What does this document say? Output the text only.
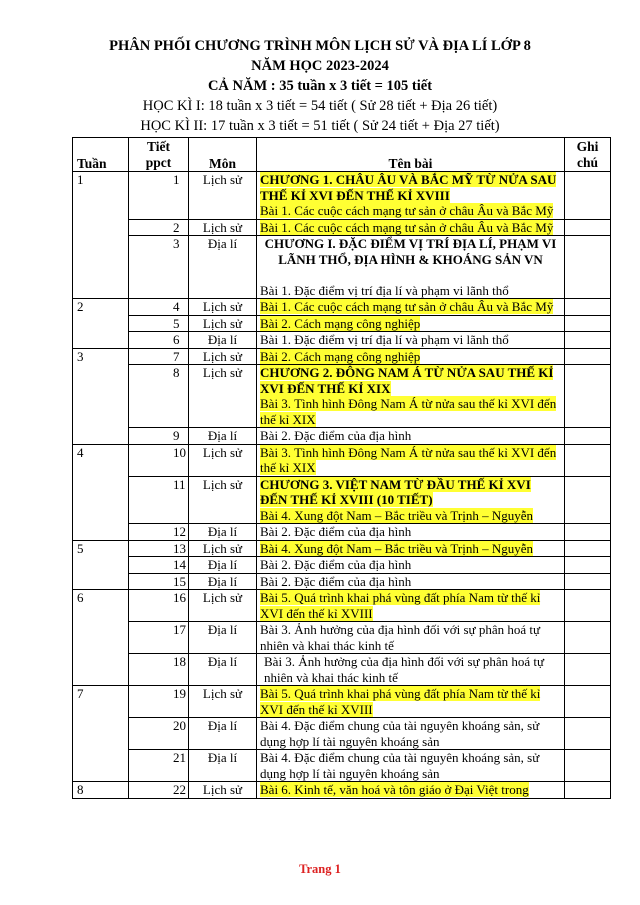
PHÂN PHỐI CHƯƠNG TRÌNH MÔN LỊCH SỬ VÀ ĐỊA LÍ LỚP 8
NĂM HỌC 2023-2024
CẢ NĂM : 35 tuần x 3 tiết = 105 tiết
HỌC KÌ I: 18 tuần x 3 tiết = 54 tiết ( Sử 28 tiết + Địa 26 tiết)
HỌC KÌ II: 17 tuần x 3 tiết = 51 tiết ( Sử 24 tiết + Địa 27 tiết)
Tuần	Tiết ppct	Môn	Tên bài	Ghi chú
1	1	Lịch sử	CHƯƠNG 1. CHÂU ÂU VÀ BẮC MỸ TỪ NỬA SAU THẾ KỈ XVI ĐẾN THẾ KỈ XVIII
Bài 1. Các cuộc cách mạng tư sản ở châu Âu và Bắc Mỹ	
	2	Lịch sử	Bài 1. Các cuộc cách mạng tư sản ở châu Âu và Bắc Mỹ	
	3	Địa lí	CHƯƠNG I. ĐẶC ĐIỂM VỊ TRÍ ĐỊA LÍ, PHẠM VI LÃNH THỔ, ĐỊA HÌNH & KHOÁNG SẢN VN

Bài 1. Đặc điểm vị trí địa lí và phạm vi lãnh thổ	
2	4	Lịch sử	Bài 1. Các cuộc cách mạng tư sản ở châu Âu và Bắc Mỹ	
	5	Lịch sử	Bài 2. Cách mạng công nghiệp	
	6	Địa lí	Bài 1. Đặc điểm vị trí địa lí và phạm vi lãnh thổ	
3	7	Lịch sử	Bài 2. Cách mạng công nghiệp	
	8	Lịch sử	CHƯƠNG 2. ĐÔNG NAM Á TỪ NỬA SAU THẾ KỈ XVI ĐẾN THẾ KỈ XIX
Bài 3. Tình hình Đông Nam Á từ nửa sau thế kỉ XVI đến thế kỉ XIX	
	9	Địa lí	Bài 2. Đặc điểm của địa hình	
4	10	Lịch sử	Bài 3. Tình hình Đông Nam Á từ nửa sau thế kỉ XVI đến thế kỉ XIX	
	11	Lịch sử	CHƯƠNG 3. VIỆT NAM TỪ ĐẦU THẾ KỈ XVI ĐẾN THẾ KỈ XVIII (10 TIẾT)
Bài 4. Xung đột Nam – Bắc triều và Trịnh – Nguyễn	
	12	Địa lí	Bài 2. Đặc điểm của địa hình	
5	13	Lịch sử	Bài 4. Xung đột Nam – Bắc triều và Trịnh – Nguyễn	
	14	Địa lí	Bài 2. Đặc điểm của địa hình	
	15	Địa lí	Bài 2. Đặc điểm của địa hình	
6	16	Lịch sử	Bài 5. Quá trình khai phá vùng đất phía Nam từ thế kỉ XVI đến thế kỉ XVIII	
	17	Địa lí	Bài 3. Ảnh hưởng của địa hình đối với sự phân hoá tự nhiên và khai thác kinh tế	
	18	Địa lí	Bài 3. Ảnh hưởng của địa hình đối với sự phân hoá tự nhiên và khai thác kinh tế	
7	19	Lịch sử	Bài 5. Quá trình khai phá vùng đất phía Nam từ thế kỉ XVI đến thế kỉ XVIII	
	20	Địa lí	Bài 4. Đặc điểm chung của tài nguyên khoáng sản, sử dụng hợp lí tài nguyên khoáng sản	
	21	Địa lí	Bài 4. Đặc điểm chung của tài nguyên khoáng sản, sử dụng hợp lí tài nguyên khoáng sản	
8	22	Lịch sử	Bài 6. Kinh tế, văn hoá và tôn giáo ở Đại Việt trong	
Trang 1
